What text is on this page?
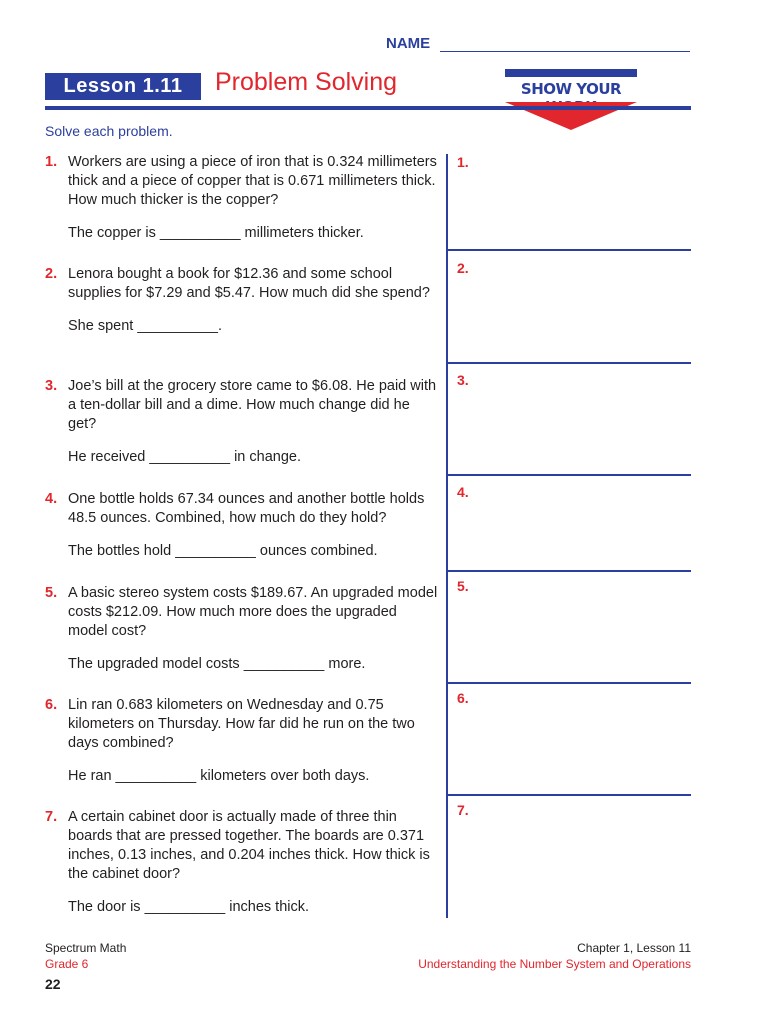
NAME
Lesson 1.11	Problem Solving	SHOW YOUR
Solve each problem.
1. Workers are using a piece of iron that is 0.324 millimeters thick and a piece of copper that is 0.671 millimeters thick. How much thicker is the copper?
The copper is __________ millimeters thicker.
2. Lenora bought a book for $12.36 and some school supplies for $7.29 and $5.47. How much did she spend?
She spent __________.
3. Joe’s bill at the grocery store came to $6.08. He paid with a ten-dollar bill and a dime. How much change did he get?
He received __________ in change.
4. One bottle holds 67.34 ounces and another bottle holds 48.5 ounces. Combined, how much do they hold?
The bottles hold __________ ounces combined.
5. A basic stereo system costs $189.67. An upgraded model costs $212.09. How much more does the upgraded model cost?
The upgraded model costs __________ more.
6. Lin ran 0.683 kilometers on Wednesday and 0.75 kilometers on Thursday. How far did he run on the two days combined?
He ran __________ kilometers over both days.
7. A certain cabinet door is actually made of three thin boards that are pressed together. The boards are 0.371 inches, 0.13 inches, and 0.204 inches thick. How thick is the cabinet door?
The door is __________ inches thick.
1.
2.
3.
4.
5.
6.
7.
Spectrum Math
Grade 6
Chapter 1, Lesson 11
Understanding the Number System and Operations
22
